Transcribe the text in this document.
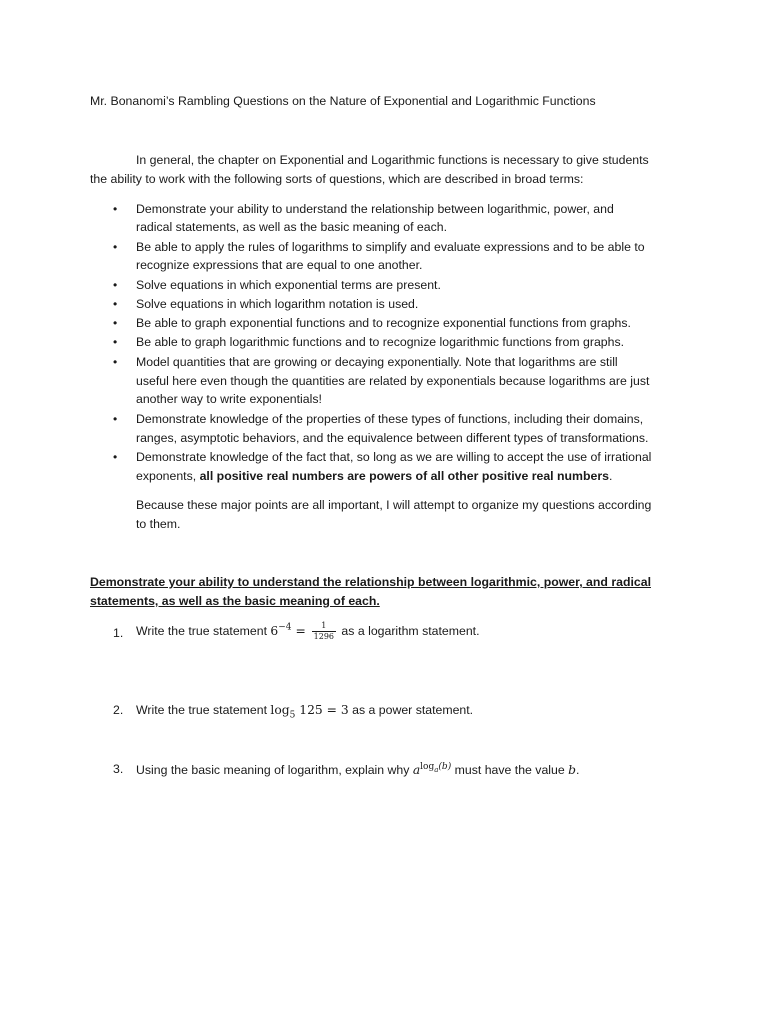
Mr. Bonanomi’s Rambling Questions on the Nature of Exponential and Logarithmic Functions
In general, the chapter on Exponential and Logarithmic functions is necessary to give students
the ability to work with the following sorts of questions, which are described in broad terms:
• Demonstrate your ability to understand the relationship between logarithmic, power, and
radical statements, as well as the basic meaning of each.
• Be able to apply the rules of logarithms to simplify and evaluate expressions and to be able to
recognize expressions that are equal to one another.
• Solve equations in which exponential terms are present.
• Solve equations in which logarithm notation is used.
• Be able to graph exponential functions and to recognize exponential functions from graphs.
• Be able to graph logarithmic functions and to recognize logarithmic functions from graphs.
• Model quantities that are growing or decaying exponentially. Note that logarithms are still
useful here even though the quantities are related by exponentials because logarithms are just
another way to write exponentials!
• Demonstrate knowledge of the properties of these types of functions, including their domains,
ranges, asymptotic behaviors, and the equivalence between different types of transformations.
• Demonstrate knowledge of the fact that, so long as we are willing to accept the use of irrational
exponents, all positive real numbers are powers of all other positive real numbers.
Because these major points are all important, I will attempt to organize my questions according
to them.
Demonstrate your ability to understand the relationship between logarithmic, power, and radical
statements, as well as the basic meaning of each.
1. Write the true statement $6^{-4} = \frac{1}{1296}$ as a logarithm statement.
2. Write the true statement $\log_5 125 = 3$ as a power statement.
3. Using the basic meaning of logarithm, explain why $a^{log_a(b)}$ must have the value b.
